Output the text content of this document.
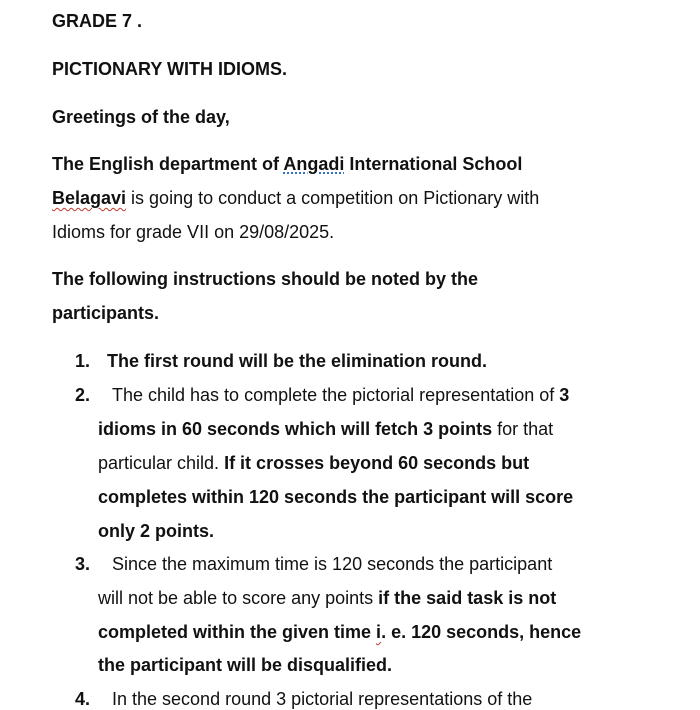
GRADE 7 .
PICTIONARY WITH IDIOMS.
Greetings of the day,
The English department of Angadi International School
Belagavi is going to conduct a competition on Pictionary with
Idioms for grade VII on 29/08/2025.
The following instructions should be noted by the
participants.
1. The first round will be the elimination round.
2. The child has to complete the pictorial representation of 3
idioms in 60 seconds which will fetch 3 points for that
particular child. If it crosses beyond 60 seconds but
completes within 120 seconds the participant will score
only 2 points.
3. Since the maximum time is 120 seconds the participant
will not be able to score any points if the said task is not
completed within the given time i. e. 120 seconds, hence
the participant will be disqualified.
4. In the second round 3 pictorial representations of the
